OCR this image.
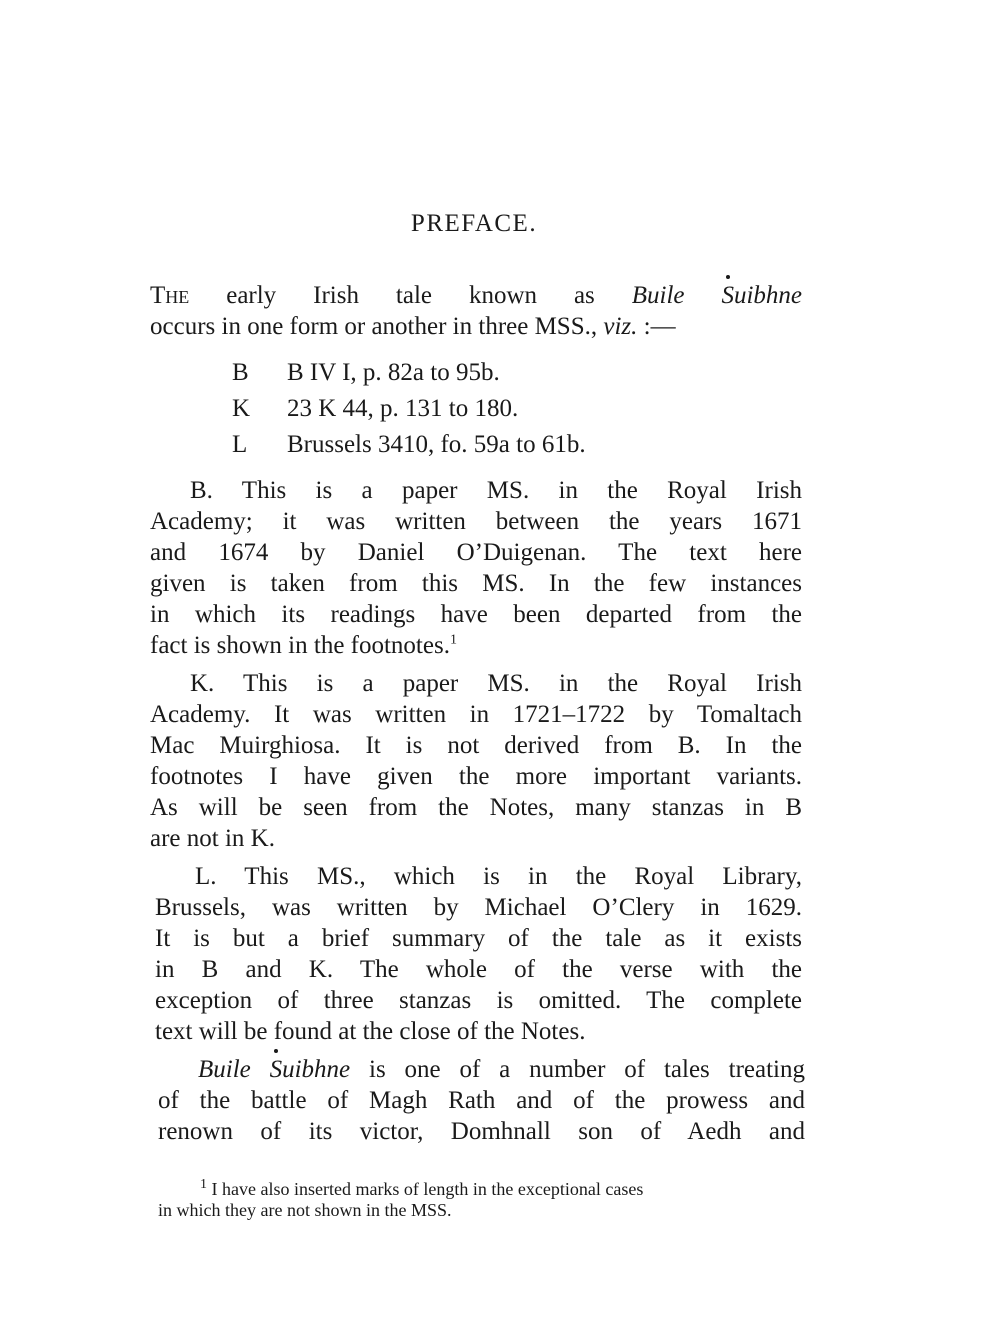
PREFACE.
The early Irish tale known as Buile Suibhne
occurs in one form or another in three MSS., viz. :—
B B IV I, p. 82a to 95b.
K 23 K 44, p. 131 to 180.
L Brussels 3410, fo. 59a to 61b.
B. This is a paper MS. in the Royal Irish
Academy; it was written between the years 1671
and 1674 by Daniel O’Duigenan. The text here
given is taken from this MS. In the few instances
in which its readings have been departed from the
fact is shown in the footnotes.$^1$
K. This is a paper MS. in the Royal Irish
Academy. It was written in 1721–1722 by Tomaltach
Mac Muirghiosa. It is not derived from B. In the
footnotes I have given the more important variants.
As will be seen from the Notes, many stanzas in B
are not in K.
L. This MS., which is in the Royal Library,
Brussels, was written by Michael O’Clery in 1629.
It is but a brief summary of the tale as it exists
in B and K. The whole of the verse with the
exception of three stanzas is omitted. The complete
text will be found at the close of the Notes.
Buile Suibhne is one of a number of tales treating
of the battle of Magh Rath and of the prowess and
renown of its victor, Domhnall son of Aedh and
$^1$ I have also inserted marks of length in the exceptional cases
in which they are not shown in the MSS.
